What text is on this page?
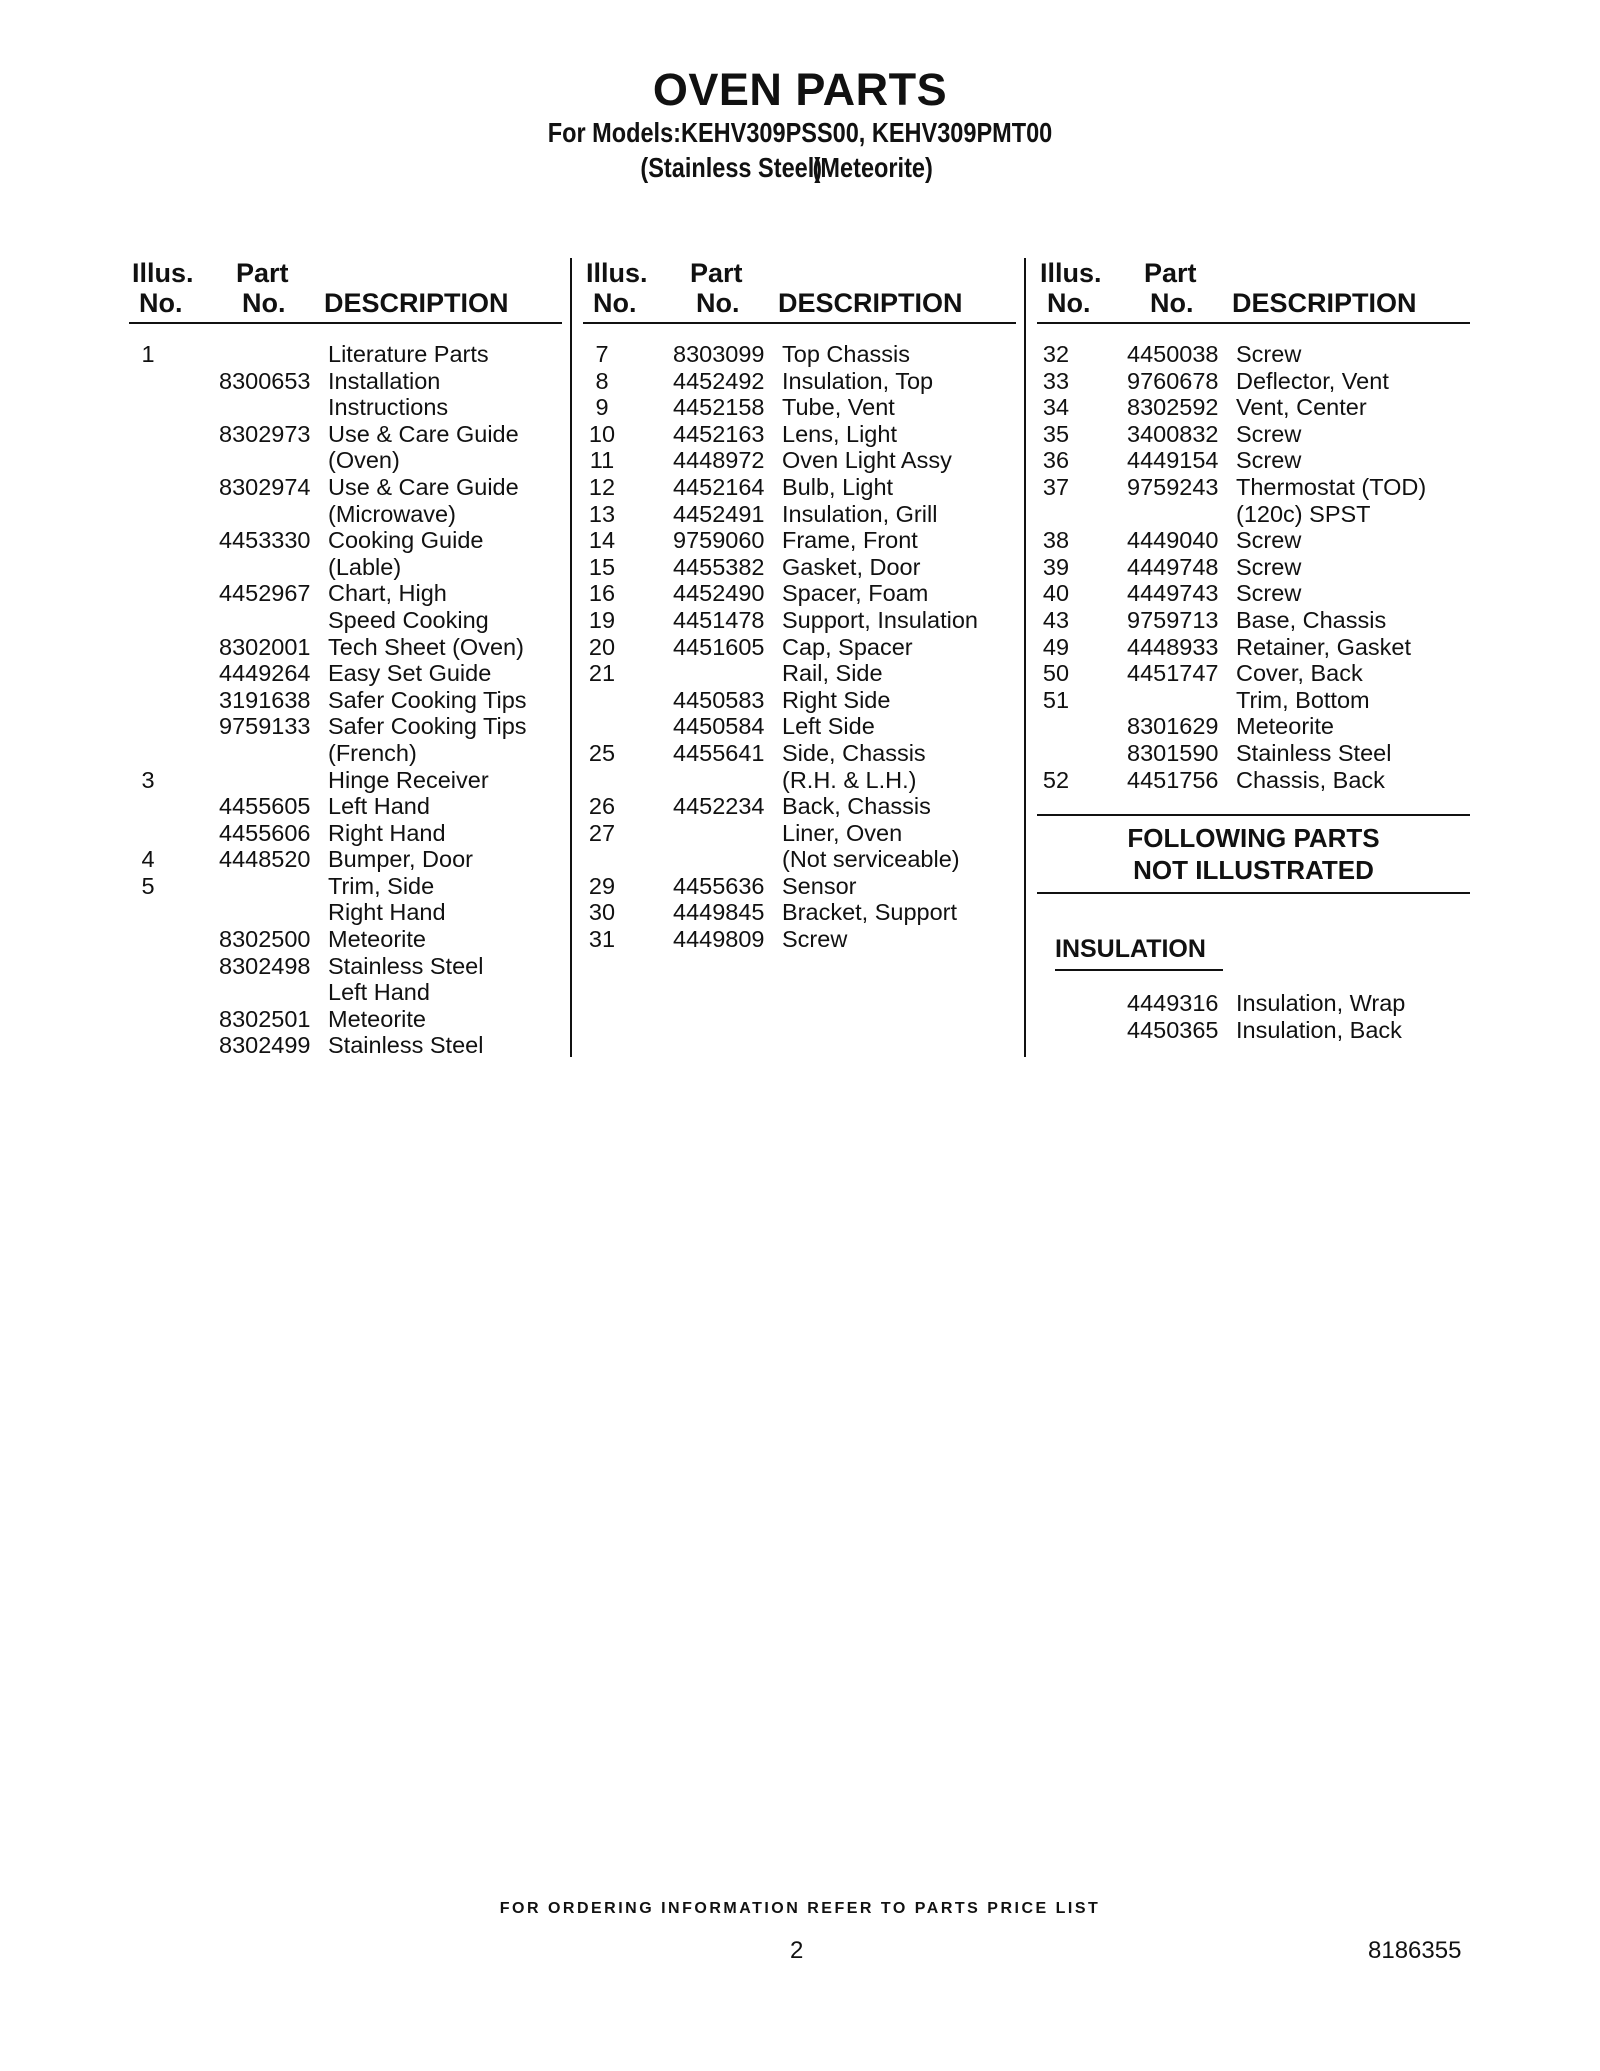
OVEN PARTS
For Models:KEHV309PSS00, KEHV309PMT00
(Stainless Steel)
(Meteorite)
Illus.
No.
Part
No. DESCRIPTION
1	Literature Parts
8300653 Installation
Instructions
8302973 Use & Care Guide
(Oven)
8302974 Use & Care Guide
(Microwave)
4453330 Cooking Guide
(Lable)
4452967 Chart, High
Speed Cooking
8302001 Tech Sheet (Oven)
4449264 Easy Set Guide
3191638 Safer Cooking Tips
9759133 Safer Cooking Tips
(French)
3	Hinge Receiver
4455605 Left Hand
4455606 Right Hand
4	4448520 Bumper, Door
5	Trim, Side
Right Hand
8302500 Meteorite
8302498 Stainless Steel
Left Hand
8302501 Meteorite
8302499 Stainless Steel
Illus.
No.
Part
No. DESCRIPTION
7	8303099 Top Chassis
8	4452492 Insulation, Top
9	4452158 Tube, Vent
10 4452163 Lens, Light
11	4448972 Oven Light Assy
12 4452164 Bulb, Light
13 4452491 Insulation, Grill
14 9759060 Frame, Front
15 4455382 Gasket, Door
16 4452490 Spacer, Foam
19 4451478 Support, Insulation
20 4451605 Cap, Spacer
21	Rail, Side
4450583 Right Side
4450584 Left Side
25 4455641 Side, Chassis
(R.H. & L.H.)
26 4452234 Back, Chassis
27	Liner, Oven
(Not serviceable)
29 4455636 Sensor
30 4449845 Bracket, Support
31 4449809 Screw
Illus.
No.
Part
No. DESCRIPTION
32 4450038 Screw
33 9760678 Deflector, Vent
34 8302592 Vent, Center
35 3400832 Screw
36 4449154 Screw
37 9759243 Thermostat (TOD)
(120c) SPST
38 4449040 Screw
39 4449748 Screw
40 4449743 Screw
43 9759713 Base, Chassis
49 4448933 Retainer, Gasket
50 4451747 Cover, Back
51	Trim, Bottom
8301629 Meteorite
8301590 Stainless Steel
52 4451756 Chassis, Back
FOLLOWING PARTS
NOT ILLUSTRATED
INSULATION
4449316 Insulation, Wrap
4450365 Insulation, Back
FOR ORDERING INFORMATION REFER TO PARTS PRICE LIST
2	8186355
